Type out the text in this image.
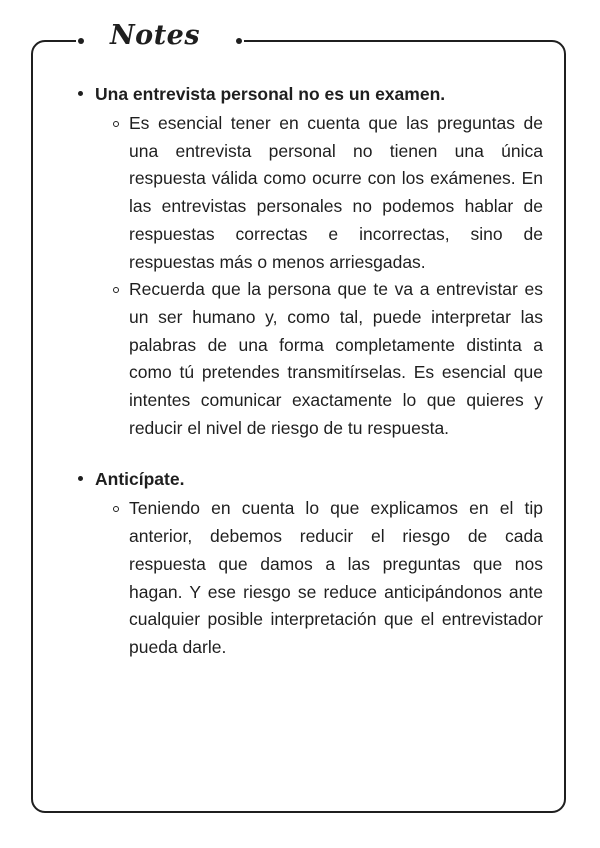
Notes
Una entrevista personal no es un examen.
Es esencial tener en cuenta que las preguntas de una entrevista personal no tienen una única respuesta válida como ocurre con los exámenes. En las entrevistas personales no podemos hablar de respuestas correctas e incorrectas, sino de respuestas más o menos arriesgadas.
Recuerda que la persona que te va a entrevistar es un ser humano y, como tal, puede interpretar las palabras de una forma completamente distinta a como tú pretendes transmitírselas. Es esencial que intentes comunicar exactamente lo que quieres y reducir el nivel de riesgo de tu respuesta.
Anticípate.
Teniendo en cuenta lo que explicamos en el tip anterior, debemos reducir el riesgo de cada respuesta que damos a las preguntas que nos hagan. Y ese riesgo se reduce anticipándonos ante cualquier posible interpretación que el entrevistador pueda darle.
